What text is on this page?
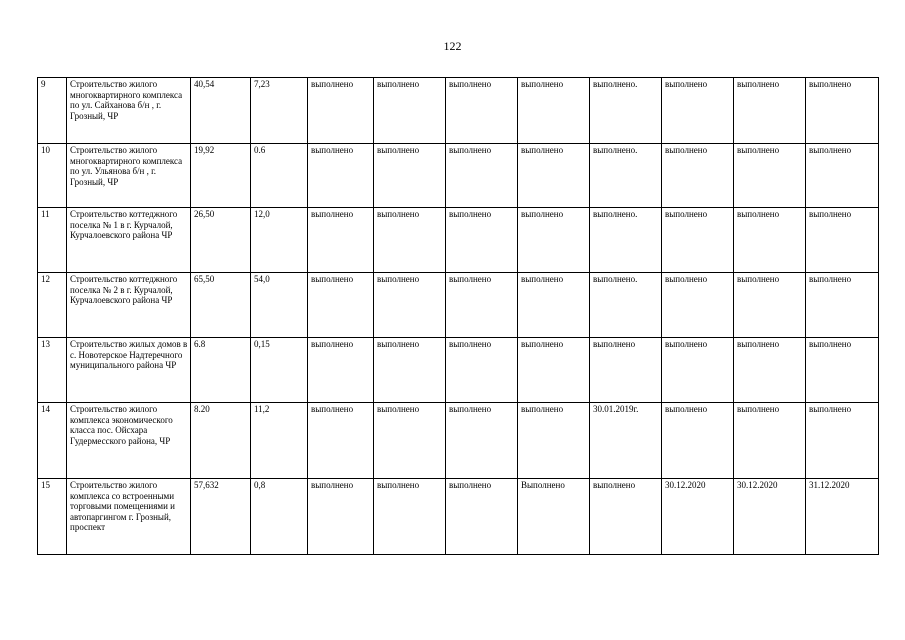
122
9	Строительство жилого многоквартирного комплекса по ул. Сайханова б/н , г. Грозный, ЧР	40,54	7,23	выполнено	выполнено	выполнено	выполнено	выполнено.	выполнено	выполнено	выполнено
10	Строительство жилого многоквартирного комплекса по ул. Ульянова б/н , г. Грозный, ЧР	19,92	0.6	выполнено	выполнено	выполнено	выполнено	выполнено.	выполнено	выполнено	выполнено
11	Строительство коттеджного поселка № 1 в г. Курчалой, Курчалоевского района ЧР	26,50	12,0	выполнено	выполнено	выполнено	выполнено	выполнено.	выполнено	выполнено	выполнено
12	Строительство коттеджного поселка № 2 в г. Курчалой, Курчалоевского района ЧР	65,50	54,0	выполнено	выполнено	выполнено	выполнено	выполнено.	выполнено	выполнено	выполнено
13	Строительство жилых домов в с. Новотерское Надтеречного муниципального района ЧР	6.8	0,15	выполнено	выполнено	выполнено	выполнено	выполнено	выполнено	выполнено	выполнено
14	Строительство жилого комплекса экономического класса пос. Ойсхара Гудермесского района, ЧР	8.20	11,2	выполнено	выполнено	выполнено	выполнено	30.01.2019г.	выполнено	выполнено	выполнено
15	Строительство жилого комплекса со встроенными торговыми помещениями и автопаргингом г. Грозный, проспект	57,632	0,8	выполнено	выполнено	выполнено	Выполнено	выполнено	30.12.2020	30.12.2020	31.12.2020
